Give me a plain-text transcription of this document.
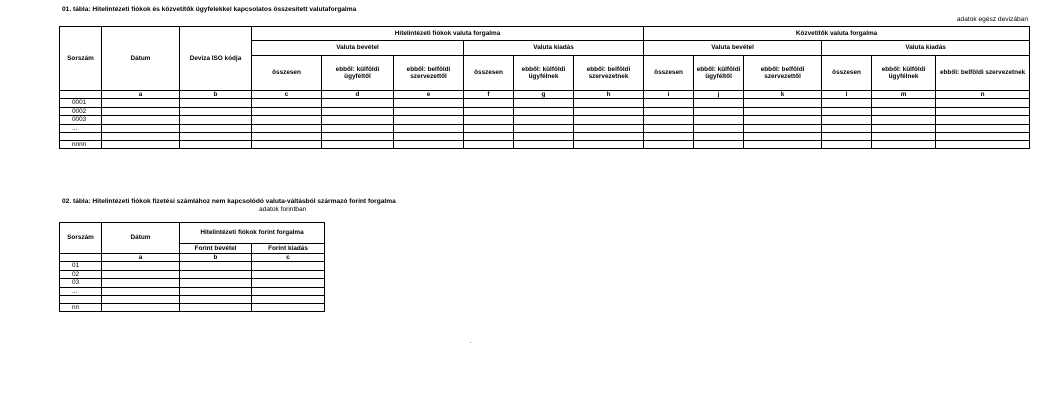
01. tábla: Hitelintézeti fiókok és közvetítők ügyfelekkel kapcsolatos összesített valutaforgalma
adatok egész devizában
Sorszám	Dátum	Deviza ISO kódja	Hitelintézeti fiókok valuta forgalma						Közvetítők valuta forgalma					
			Valuta bevétel			Valuta kiadás			Valuta bevétel			Valuta kiadás		
			összesen	ebből: külföldi ügyféltől	ebből: belföldi szervezettől	összesen	ebből: külföldi ügyfélnek	ebből: belföldi szervezetnek	összesen	ebből: külföldi ügyféltől	ebből: belföldi szervezettől	összesen	ebből: külföldi ügyfélnek	ebből: belföldi szervezetnek
	a	b	c	d	e	f	g	h	i	j	k	l	m	n
0001														
0002														
0003														
...														

nnnn														
02. tábla: Hitelintézeti fiókok fizetési számlához nem kapcsolódó valuta-váltásból származó forint forgalma
adatok forintban
Sorszám	Dátum	Hitelintézeti fiókok forint forgalma	
		Forint bevétel	Forint kiadás
	a	b	c
01			
02			
03			
...			

nn			
